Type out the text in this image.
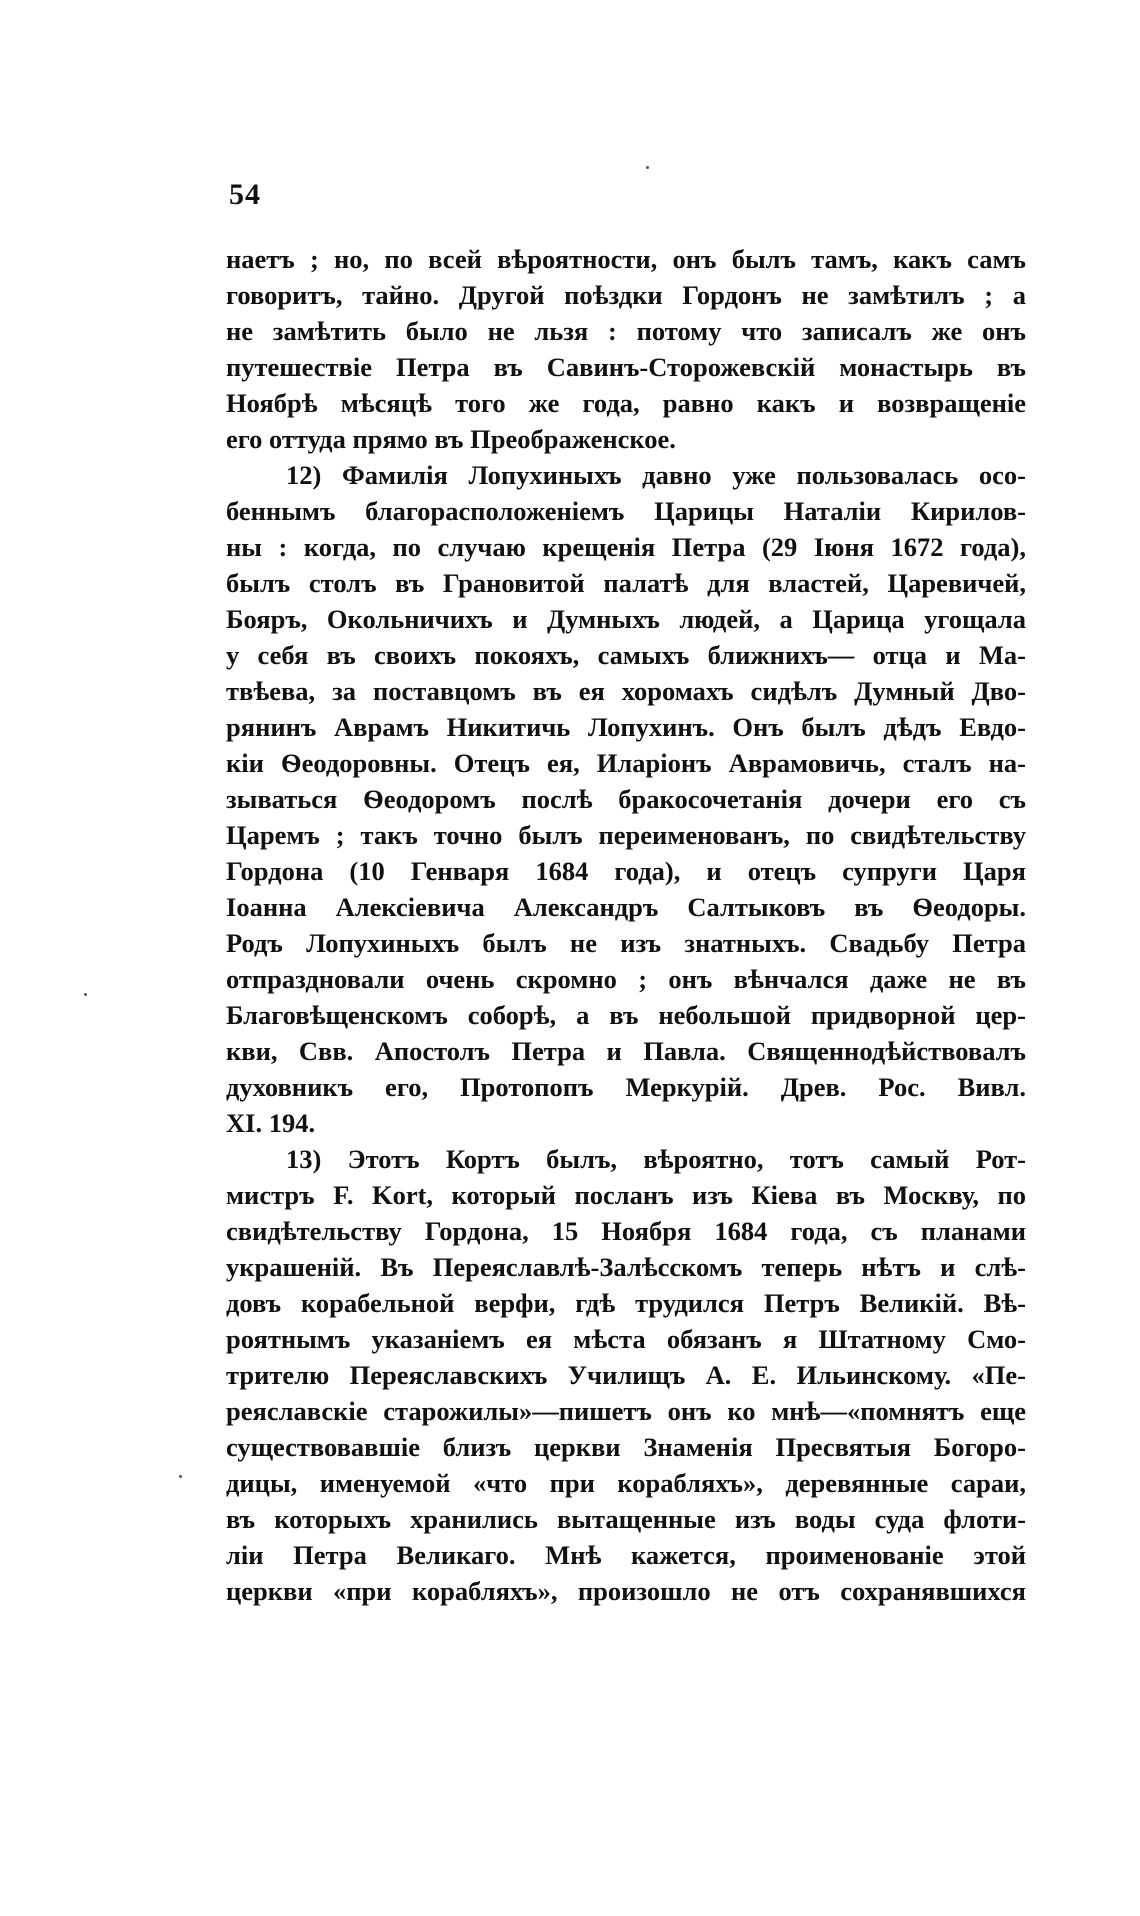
54
наетъ ; но, по всей вѣроятности, онъ былъ тамъ, какъ самъ
говоритъ, тайно. Другой поѣздки Гордонъ не замѣтилъ ; а
не замѣтить было не льзя : потому что записалъ же онъ
путешествіе Петра въ Савинъ-Сторожевскій монастырь въ
Ноябрѣ мѣсяцѣ того же года, равно какъ и возвращеніе
его оттуда прямо въ Преображенское.
12) Фамилія Лопухиныхъ давно уже пользовалась осо-
беннымъ благорасположеніемъ Царицы Наталіи Кирилов-
ны : когда, по случаю крещенія Петра (29 Іюня 1672 года),
былъ столъ въ Грановитой палатѣ для властей, Царевичей,
Бояръ, Окольничихъ и Думныхъ людей, а Царица угощала
у себя въ своихъ покояхъ, самыхъ ближнихъ— отца и Ма-
твѣева, за поставцомъ въ ея хоромахъ сидѣлъ Думный Дво-
рянинъ Аврамъ Никитичь Лопухинъ. Онъ былъ дѣдъ Евдо-
кіи Ѳеодоровны. Отецъ ея, Иларіонъ Аврамовичь, сталъ на-
зываться Ѳеодоромъ послѣ бракосочетанія дочери его съ
Царемъ ; такъ точно былъ переименованъ, по свидѣтельству
Гордона (10 Генваря 1684 года), и отецъ супруги Царя
Іоанна Алексіевича Александръ Салтыковъ въ Ѳеодоры.
Родъ Лопухиныхъ былъ не изъ знатныхъ. Свадьбу Петра
отпраздновали очень скромно ; онъ вѣнчался даже не въ
Благовѣщенскомъ соборѣ, а въ небольшой придворной цер-
кви, Свв. Апостолъ Петра и Павла. Священнодѣйствовалъ
духовникъ его, Протопопъ Меркурій. Древ. Рос. Вивл.
XI. 194.
13) Этотъ Кортъ былъ, вѣроятно, тотъ самый Рот-
мистръ F. Kort, который посланъ изъ Кіева въ Москву, по
свидѣтельству Гордона, 15 Ноября 1684 года, съ планами
украшеній. Въ Переяславлѣ-Залѣсскомъ теперь нѣтъ и слѣ-
довъ корабельной верфи, гдѣ трудился Петръ Великій. Вѣ-
роятнымъ указаніемъ ея мѣста обязанъ я Штатному Смо-
трителю Переяславскихъ Училищъ А. Е. Ильинскому. «Пе-
реяславскіе старожилы»—пишетъ онъ ко мнѣ—«помнятъ еще
существовавшіе близъ церкви Знаменія Пресвятыя Богоро-
дицы, именуемой «что при корабляхъ», деревянные сараи,
въ которыхъ хранились вытащенные изъ воды суда флоти-
ліи Петра Великаго. Мнѣ кажется, проименованіе этой
церкви «при корабляхъ», произошло не отъ сохранявшихся
